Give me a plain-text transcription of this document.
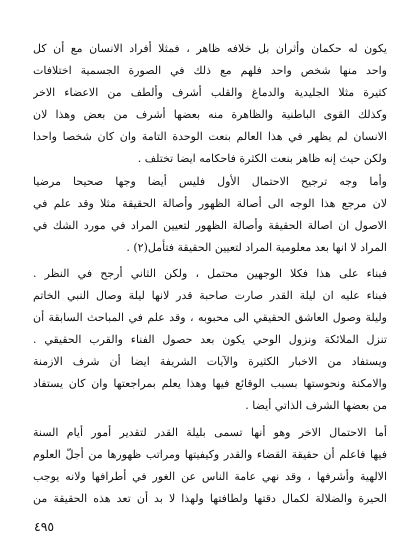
يكون له حكمان وأثران بل خلافه ظاهر ، فمثلا أفراد الانسان مع أن كل
واحد منها شخص واحد فلهم مع ذلك في الصورة الجسمية اختلافات
كثيرة مثلا الجليدية والدماغ والقلب أشرف وألطف من الاعضاء الاخر
وكذلك القوى الباطنية والظاهرة منه بعضها أشرف من بعض وهذا لان
الانسان لم يظهر في هذا العالم بنعت الوحدة التامة وان كان شخصا واحدا
ولكن حيث إنه ظاهر بنعت الكثرة فاحكامه ايضا تختلف .
وأما وجه ترجيح الاحتمال الأول فليس أيضا وجها صحيحا مرضيا
لان مرجع هذا الوجه الى أصالة الظهور وأصالة الحقيقة مثلا وقد علم في
الاصول ان اصالة الحقيقة وأصالة الظهور لتعيين المراد في مورد الشك في
المراد لا انها بعد معلومية المراد لتعيين الحقيقة فتأمل(٢) .
فبناء على هذا فكلا الوجهين محتمل ، ولكن الثاني أرجح في النظر .
فبناء عليه ان ليلة القدر صارت صاحبة قدر لانها ليلة وصال النبي الخاتم
وليلة وصول العاشق الحقيقي الى محبوبه ، وقد علم في المباحث السابقة أن
تنزل الملائكة ونزول الوحي يكون بعد حصول الفناء والقرب الحقيقي .
ويستفاد من الاخبار الكثيرة والآيات الشريفة ايضا أن شرف الازمنة
والامكنة ونحوستها بسبب الوقائع فيها وهذا يعلم بمراجعتها وان كان يستفاد
من بعضها الشرف الذاتي أيضا .
أما الاحتمال الاخر وهو أنها تسمى بليلة القدر لتقدير أمور أيام السنة
فيها فاعلم أن حقيقة القضاء والقدر وكيفيتها ومراتب ظهورها من أجلّ العلوم
الالهية وأشرفها ، وقد نهي عامة الناس عن الغور في أطرافها ولانه يوجب
الحيرة والضلالة لكمال دقتها ولطافتها ولهذا لا بد أن تعد هذه الحقيقة من
٤٩٥
